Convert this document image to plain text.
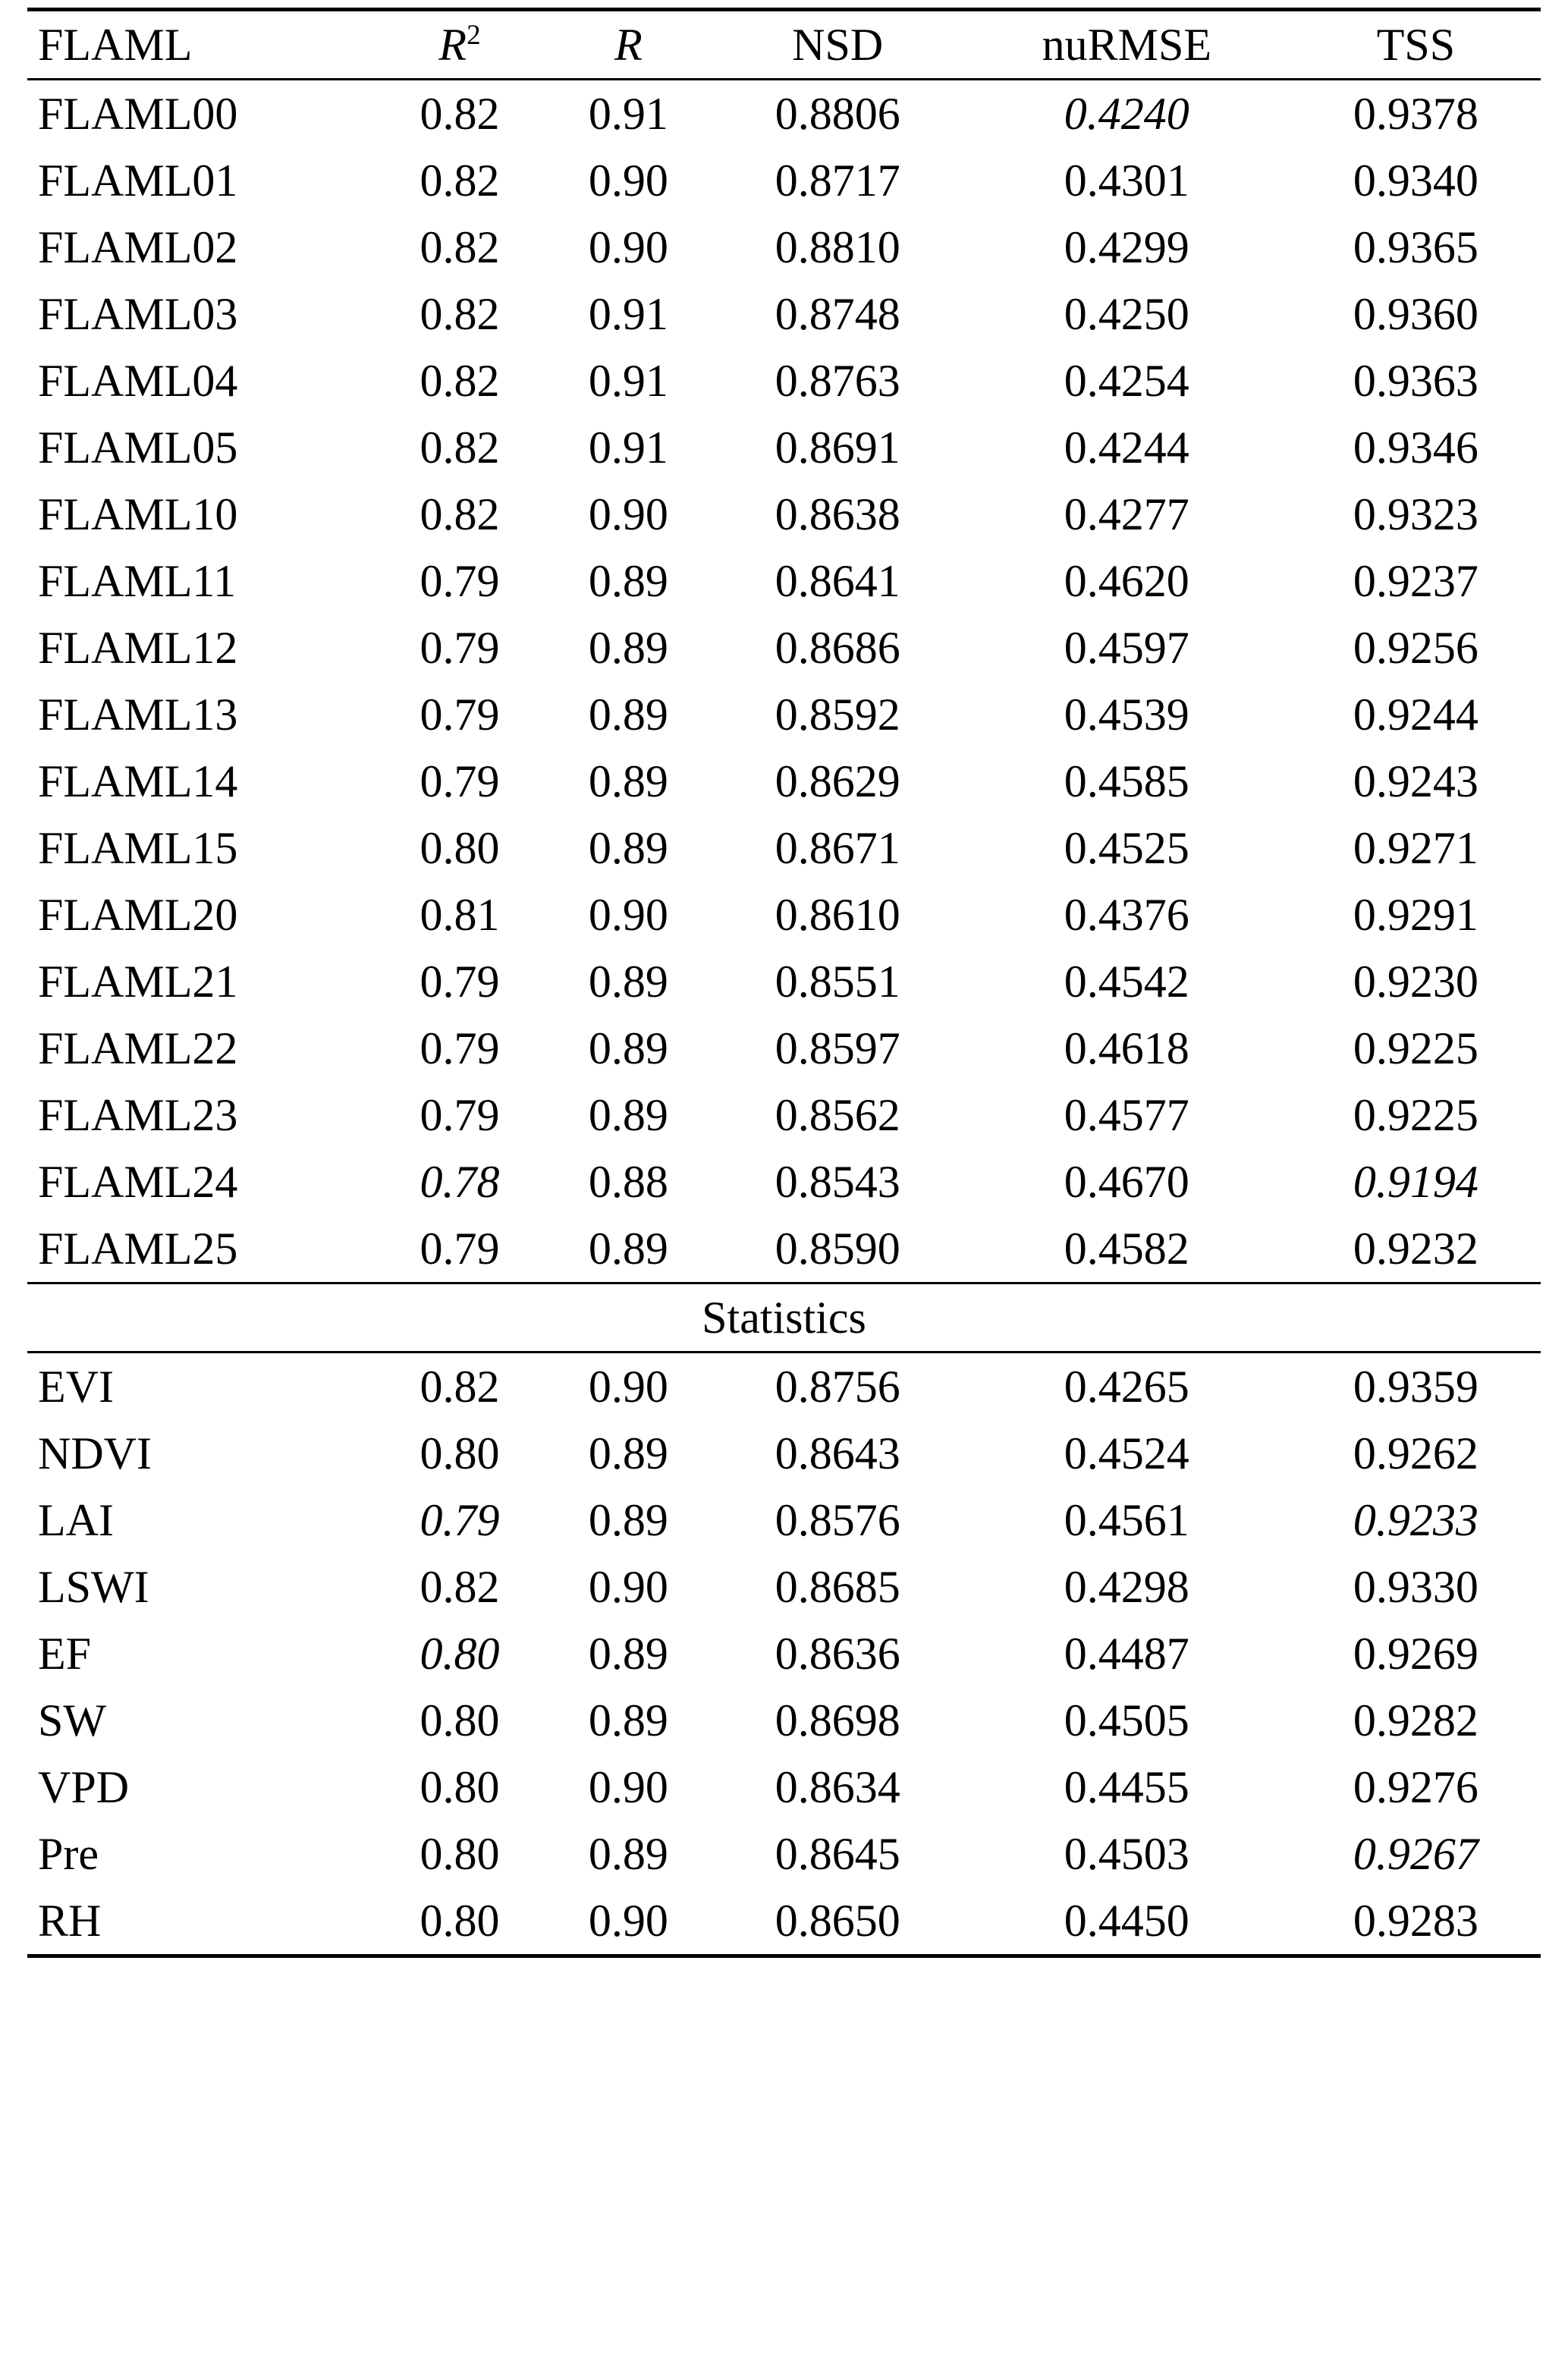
FLAML	$R^2$	R	NSD	nuRMSE	TSS
FLAML00	0.82	0.91	0.8806	0.4240	0.9378
FLAML01	0.82	0.90	0.8717	0.4301	0.9340
FLAML02	0.82	0.90	0.8810	0.4299	0.9365
FLAML03	0.82	0.91	0.8748	0.4250	0.9360
FLAML04	0.82	0.91	0.8763	0.4254	0.9363
FLAML05	0.82	0.91	0.8691	0.4244	0.9346
FLAML10	0.82	0.90	0.8638	0.4277	0.9323
FLAML11	0.79	0.89	0.8641	0.4620	0.9237
FLAML12	0.79	0.89	0.8686	0.4597	0.9256
FLAML13	0.79	0.89	0.8592	0.4539	0.9244
FLAML14	0.79	0.89	0.8629	0.4585	0.9243
FLAML15	0.80	0.89	0.8671	0.4525	0.9271
FLAML20	0.81	0.90	0.8610	0.4376	0.9291
FLAML21	0.79	0.89	0.8551	0.4542	0.9230
FLAML22	0.79	0.89	0.8597	0.4618	0.9225
FLAML23	0.79	0.89	0.8562	0.4577	0.9225
FLAML24	0.78	0.88	0.8543	0.4670	0.9194
FLAML25	0.79	0.89	0.8590	0.4582	0.9232
Statistics					
EVI	0.82	0.90	0.8756	0.4265	0.9359
NDVI	0.80	0.89	0.8643	0.4524	0.9262
LAI	0.79	0.89	0.8576	0.4561	0.9233
LSWI	0.82	0.90	0.8685	0.4298	0.9330
EF	0.80	0.89	0.8636	0.4487	0.9269
SW	0.80	0.89	0.8698	0.4505	0.9282
VPD	0.80	0.90	0.8634	0.4455	0.9276
Pre	0.80	0.89	0.8645	0.4503	0.9267
RH	0.80	0.90	0.8650	0.4450	0.9283
